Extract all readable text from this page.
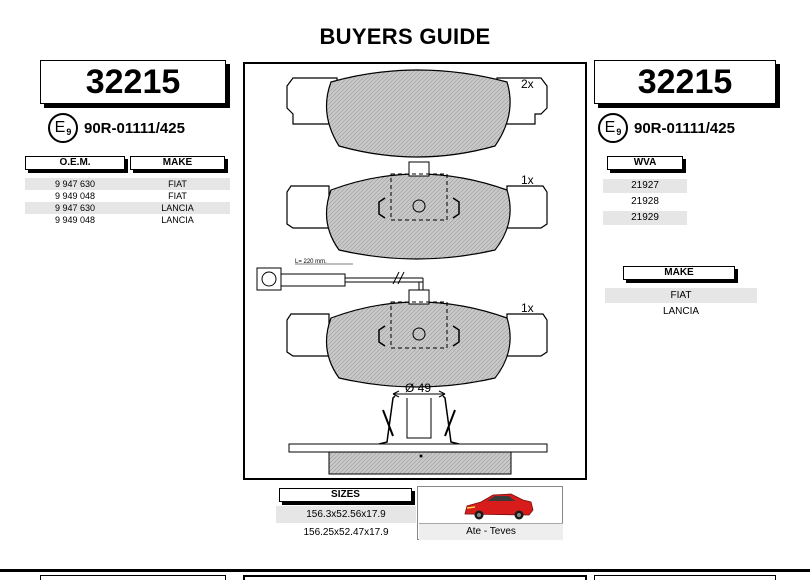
BUYERS GUIDE
32215
$E_9$ 90R-01111/425
O.E.M.	MAKE
9 947 630	FIAT
9 949 048	FIAT
9 947 630	LANCIA
9 949 048	LANCIA
2x
1x
L= 220 mm.
1x
Ø 49
32215
$E_9$ 90R-01111/425
WVA
21927
21928
21929
MAKE
FIAT
LANCIA
SIZES
156.3x52.56x17.9
156.25x52.47x17.9	Ate - Teves
